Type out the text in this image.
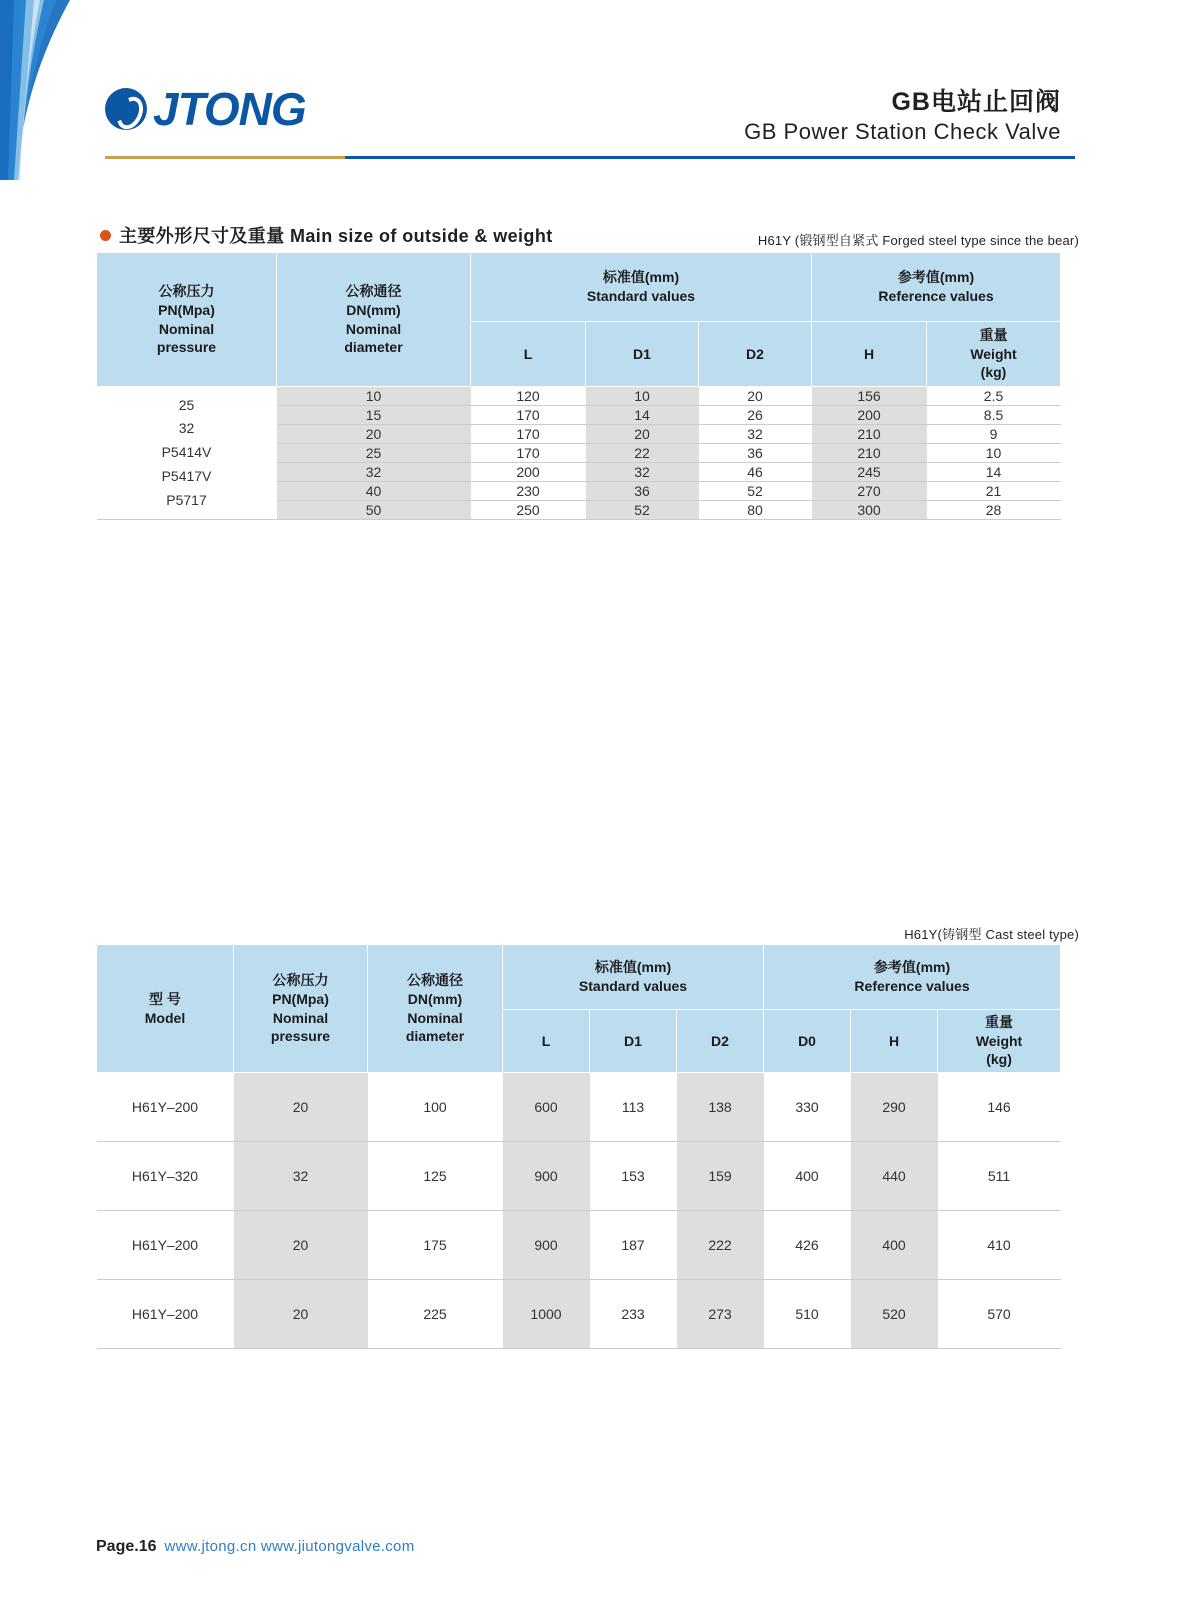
JTONG	GB电站止回阀
GB Power Station Check Valve
主要外形尺寸及重量 Main size of outside & weight	H61Y (锻钢型自紧式 Forged steel type since the bear)
公称压力
PN(Mpa)
Nominal
pressure	公称通径
DN(mm)
Nominal
diameter	标准值(mm)
Standard values			参考值(mm)
Reference values	

		L	D1	D2	H	重量
Weight
(kg)

25
32
P5414V
P5417V
P5717	10	120	10	20	156	2.5
	15	170	14	26	200	8.5
	20	170	20	32	210	9
	25	170	22	36	210	10
	32	200	32	46	245	14
	40	230	36	52	270	21
	50	250	52	80	300	28
H61Y(铸钢型 Cast steel type)
型 号
Model	公称压力
PN(Mpa)
Nominal
pressure	公称通径
DN(mm)
Nominal
diameter	标准值(mm)
Standard values			参考值(mm)
Reference values		

			L	D1	D2	D0	H	重量
Weight
(kg)

H61Y–200	20	100	600	113	138	330	290	146
H61Y–320	32	125	900	153	159	400	440	511
H61Y–200	20	175	900	187	222	426	400	410
H61Y–200	20	225	1000	233	273	510	520	570
Page.16 www.jtong.cn www.jiutongvalve.com
